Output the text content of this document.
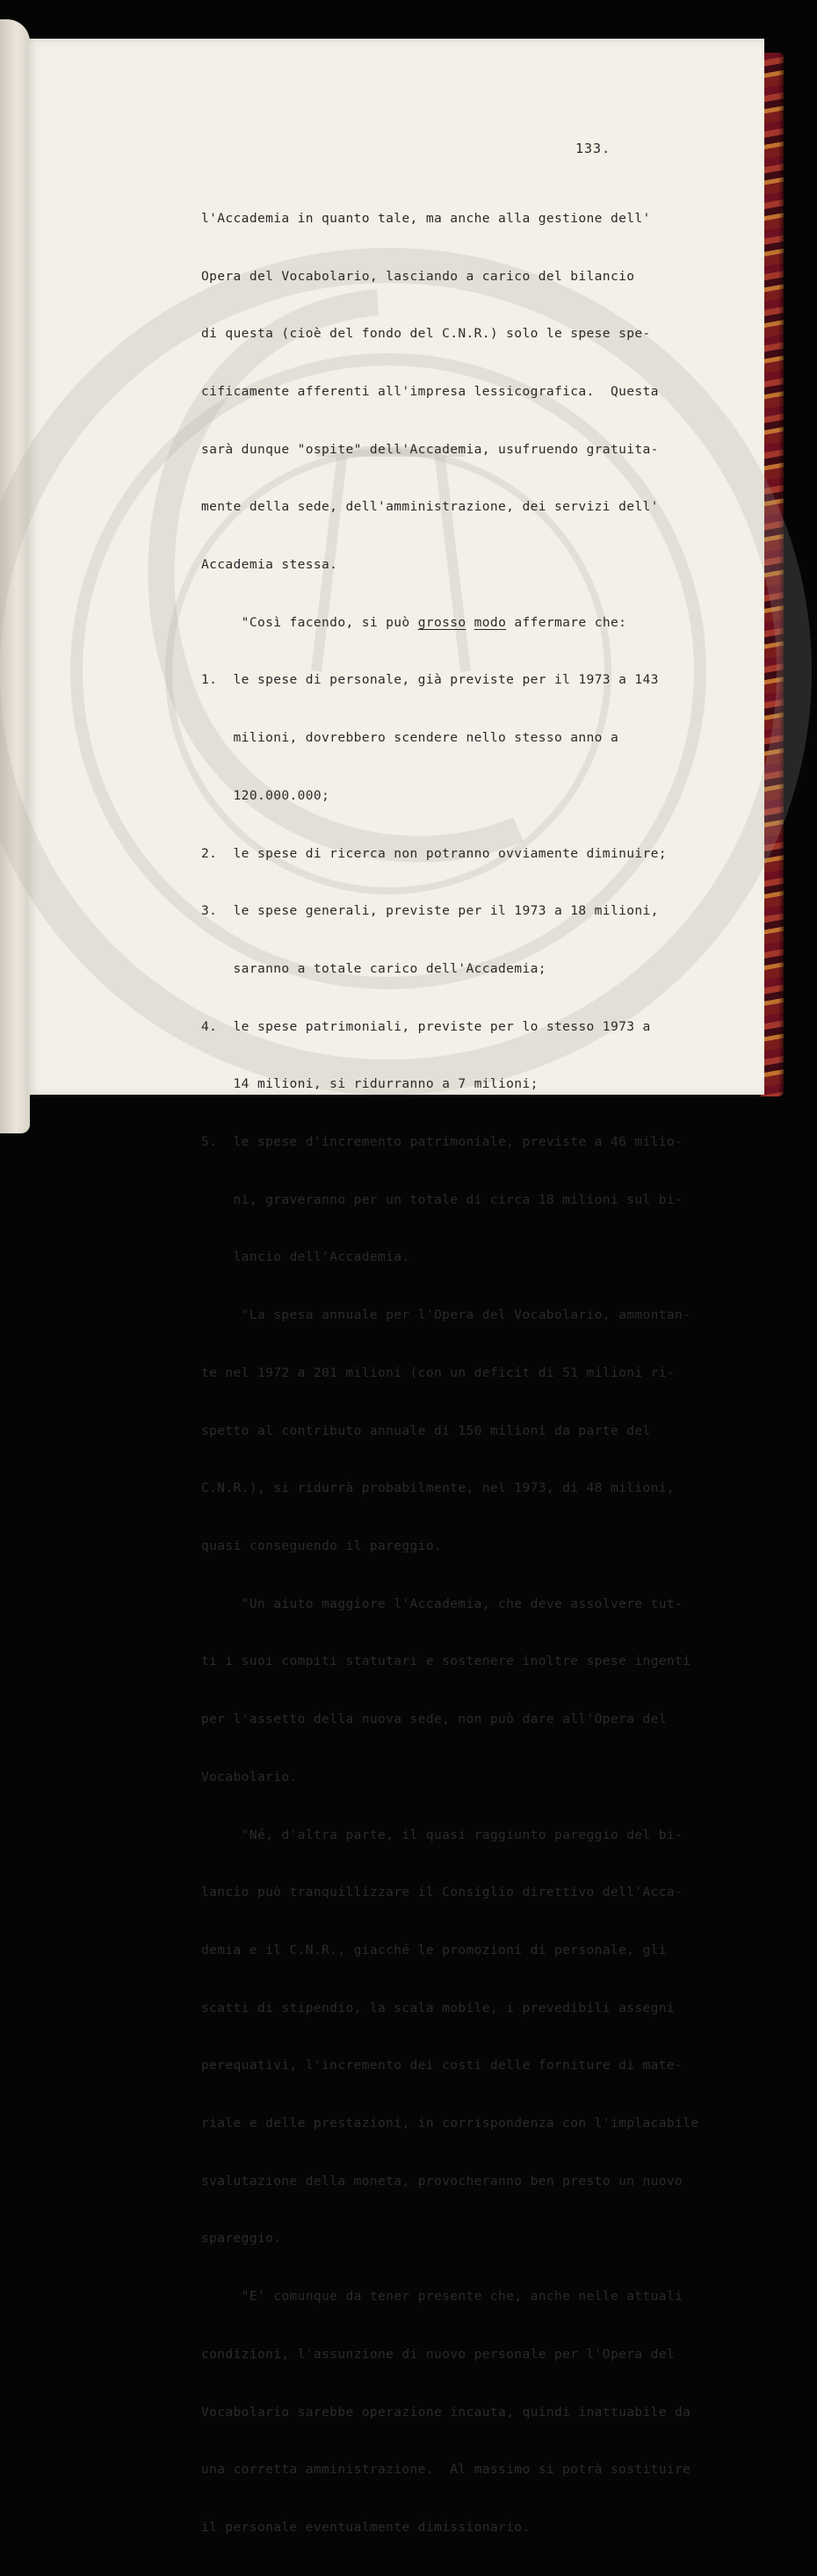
133.

l'Accademia in quanto tale, ma anche alla gestione dell'

Opera del Vocabolario, lasciando a carico del bilancio

di questa (cioè del fondo del C.N.R.) solo le spese spe-

cificamente afferenti all'impresa lessicografica.  Questa

sarà dunque "ospite" dell'Accademia, usufruendo gratuita-

mente della sede, dell'amministrazione, dei servizi dell'

Accademia stessa.

"Così facendo, si può grosso modo affermare che:

1.  le spese di personale, già previste per il 1973 a 143

milioni, dovrebbero scendere nello stesso anno a

120.000.000;

2.  le spese di ricerca non potranno ovviamente diminuire;

3.  le spese generali, previste per il 1973 a 18 milioni,

saranno a totale carico dell'Accademia;

4.  le spese patrimoniali, previste per lo stesso 1973 a

14 milioni, si ridurranno a 7 milioni;

5.  le spese d'incremento patrimoniale, previste a 46 milio-

ni, graveranno per un totale di circa 18 milioni sul bi-

lancio dell'Accademia.

"La spesa annuale per l'Opera del Vocabolario, ammontan-

te nel 1972 a 201 milioni (con un deficit di 51 milioni ri-

spetto al contributo annuale di 150 milioni da parte del

C.N.R.), si ridurrà probabilmente, nel 1973, di 48 milioni,

quasi conseguendo il pareggio.

"Un aiuto maggiore l'Accademia, che deve assolvere tut-

ti i suoi compiti statutari e sostenere inoltre spese ingenti

per l'assetto della nuova sede, non può dare all'Opera del

Vocabolario.

"Né, d'altra parte, il quasi raggiunto pareggio del bi-

lancio può tranquillizzare il Consiglio direttivo dell'Acca-

demia e il C.N.R., giacché le promozioni di personale, gli

scatti di stipendio, la scala mobile, i prevedibili assegni

perequativi, l'incremento dei costi delle forniture di mate-

riale e delle prestazioni, in corrispondenza con l'implacabile

svalutazione della moneta, provocheranno ben presto un nuovo

spareggio.

"E' comunque da tener presente che, anche nelle attuali

condizioni, l'assunzione di nuovo personale per l'Opera del

Vocabolario sarebbe operazione incauta, quindi inattuabile da

una corretta amministrazione.  Al massimo si potrà sostituire

il personale eventualmente dimissionario.
